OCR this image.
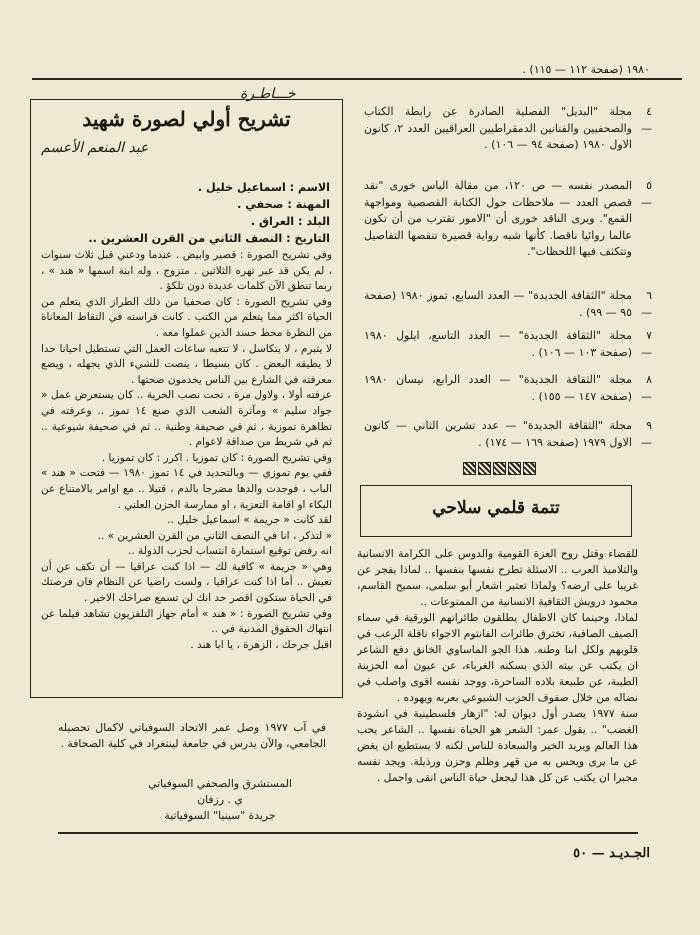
١٩٨٠ (صفحة ١١٢ — ١١٥) .
٤ —
مجلة "البديل" الفصلية الصادرة عن رابطة الكتاب والصحفيين والفنانين الدمقراطيين العراقيين العدد ٢، كانون الاول ١٩٨٠ (صفحة ٩٤ — ١٠٦) .
٥ —
المصدر نفسه — ص ١٢٠، من مقالة الياس خورى "نقد قصص العدد — ملاحظات حول الكتابة القصصية ومواجهة القمع". ويرى الناقد خورى أن "الامور تقترب من أن تكون عالما روائيا ناقصا. كأنها شبه رواية قصيرة تنقصها التفاصيل وتتكثف فيها اللحظات".
٦ —
مجلة "الثقافة الجديدة" — العدد السابع، تموز ١٩٨٠ (صفحة ٩٥ — ٩٩) .
٧ —
مجلة "الثقافة الجديدة" — العدد التاسع، ايلول ١٩٨٠ (صفحة ١٠٣ — ١٠٦) .
٨ —
مجلة "الثقافة الجديدة" — العدد الرابع، نيسان ١٩٨٠ (صفحة ١٤٧ — ١٥٥) .
٩ —
مجلة "الثقافة الجديدة" — عدد تشرين الثاني — كانون الاول ١٩٧٩ (صفحة ١٦٩ — ١٧٤) .
تتمة قلمي سلاحي

للقضاء وقتل روح العزة القومية والدوس على الكرامة الانسانية والتلاميذ العرب .. الاسئلة تطرح نفسها بنفسها .. لماذا يفجر عن غريبا على ارضه؟ ولماذا تعتبر اشعار أبو سلمى، سميح القاسم، محمود درويش الثقافية الانسانية من الممنوعات ..

لماذا، وحينما كان الاطفال يطلقون طائراتهم الورقية في سماء الصيف الصافية، تخترق طائرات الفانتوم الاجواء ناقلة الرعب في قلوبهم ولكل ابنا وطنه. هذا الجو الماساوي الخانق دفع الشاعر ان يكتب عن بيته الذي يسكنه الغرباء، عن عيون أمه الحزينة الطيبة، عن طبيعة بلاده الساحرة، ووجد نفسه اقوى واصلب في نضاله من خلال صفوف الحزب الشيوعي بعربه ويهوده .

سنة ١٩٧٧ يصدر أول ديوان له: "ازهار فلسطينية في انشودة الغضب" .. يقول عمر: الشعر هو الحياة نفسها .. الشاعر يحب هذا العالم ويريد الخير والسعادة للناس لكنه لا يستطيع ان يغض عن ما يرى ويحس به من قهر وظلم وحزن ورذيلة. ويجد نفسه مجبرا ان يكتب عن كل هذا ليجعل حياة الناس انقى واجمل .

خـــاطـرة
تشريح أولي لصورة شهيد
عبد المنعم الأعسم

الاسم : اسماعيل خليل .

المهنة : صحفي .

البلد : العراق .

التاريخ : النصف الثاني من القرن العشرين ..

وفي تشريح الصورة : قصير وابيض . عندما ودعني قبل ثلاث سنوات ، لم يكن قد عبر تهره الثلاثين . متزوج ، وله ابنة اسمها « هند » ، ربما تنطق الآن كلمات عديدة دون تلكؤ .

وفي تشريح الصورة : كان صحفيا من ذلك الطراز الذي يتعلم من الحياة اكثر مما يتعلم من الكتب . كانت فراسته في التقاط المعاناة من النظرة محط حسد الذين عملوا معه .

لا يتبرم ، لا يتكاسل ، لا تتعبه ساعات العمل التي تستطيل احيانا حدا لا يطيقه البعض . كان بسيطا ، ينصت للشيء الذي يجهله ، ويضع معرفته في الشارع بين الناس يخدمون ضحتها .

عرفته أولا ، ولاول مرة ، تحت نصب الحرية .. كان يستعرض عمل « جواد سليم » ومآثرة الشعب الذي صنع ١٤ تموز .. وعرفته في تظاهرة تموزية ، ثم في صحيفة وطنية .. ثم في صحيفة شيوعية .. ثم في شريط من صداقة لاعوام .

وفي تشريح الصورة : كان تموزيا . اكرر : كان تموزيا .

ففي يوم تموزي — وبالتحديد في ١٤ تموز ١٩٨٠ — فتحت « هند » الباب ، فوجدت والدها مضرجا بالدم ، قتيلا .. مع اوامر بالامتناع عن البكاء او اقامة التعزية ، او ممارسة الحزن العلني .

لقد كانت « جريمة » اسماعيل خليل ..

« لتذكر ، انا في النصف الثاني من القرن العشرين » ..

انه رفض توقيع استمارة انتساب لحزب الدولة ..

وهي « جريمة » كافية لك — اذا كنت عراقيا — أن تكف عن أن تعيش .. أما اذا كنت عراقيا ، ولست راضيا عن النظام فان فرصتك في الحياة ستكون اقصر حد انك لن تسمع صراخك الاخير .

وفي تشريح الصورة : « هند » أمام جهاز التلفزيون تشاهد فيلما عن انتهاك الحقوق المدنية في ..

اقبل جرحك ، الزهرة ، يا ابا هند .

في آب ١٩٧٧ وصل عمر الاتحاد السوفياتي لاكمال تحصيله الجامعي، والآن يدرس في جامعة لينتغراد في كلية الصحافة .
المستشرق والصحفي السوفياتي
ي . رزفان
جريدة "سينيا" السوفياتية
الجـديـد — ٥٠
